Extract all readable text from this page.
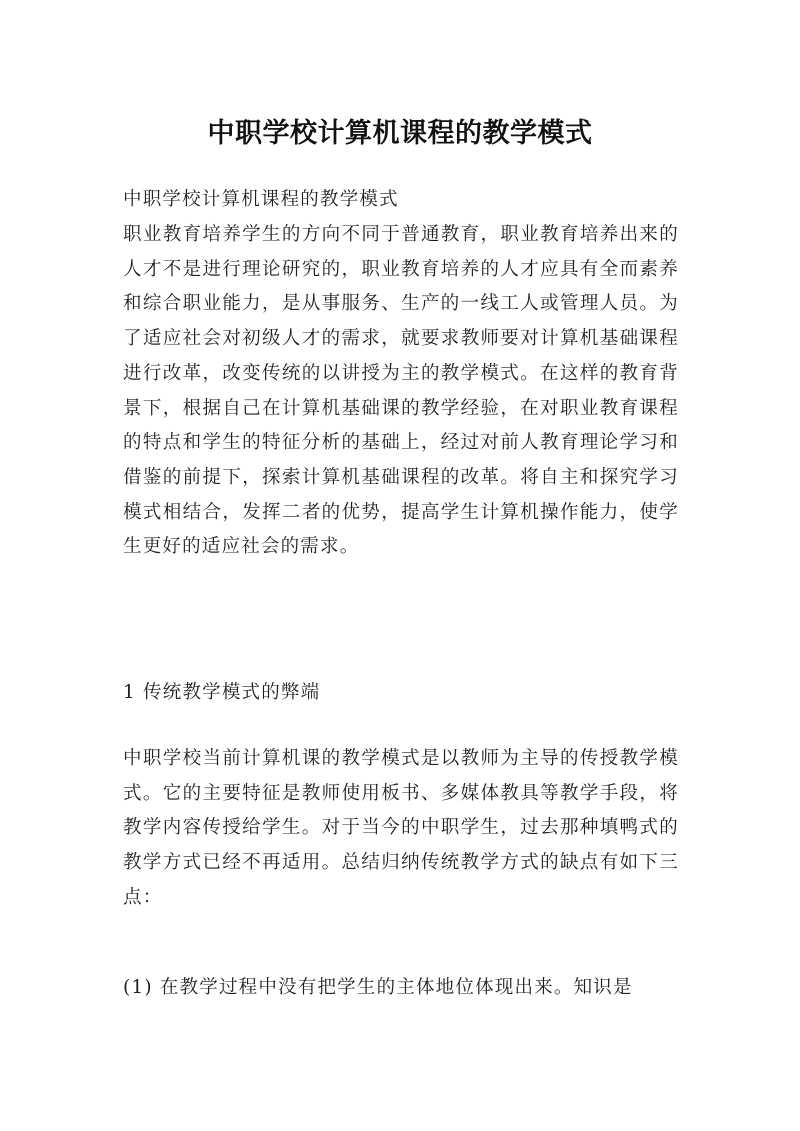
中职学校计算机课程的教学模式

中职学校计算机课程的教学模式

职业教育培养学生的方向不同于普通教育，职业教育培养出来的人才不是进行理论研究的，职业教育培养的人才应具有全而素养和综合职业能力，是从事服务、生产的一线工人或管理人员。为了适应社会对初级人才的需求，就要求教师要对计算机基础课程进行改革，改变传统的以讲授为主的教学模式。在这样的教育背景下，根据自己在计算机基础课的教学经验，在对职业教育课程的特点和学生的特征分析的基础上，经过对前人教育理论学习和借鉴的前提下，探索计算机基础课程的改革。将自主和探究学习模式相结合，发挥二者的优势，提高学生计算机操作能力，使学生更好的适应社会的需求。

1 传统教学模式的弊端

中职学校当前计算机课的教学模式是以教师为主导的传授教学模式。它的主要特征是教师使用板书、多媒体教具等教学手段，将教学内容传授给学生。对于当今的中职学生，过去那种填鸭式的教学方式已经不再适用。总结归纳传统教学方式的缺点有如下三点：

(1) 在教学过程中没有把学生的主体地位体现出来。知识是
